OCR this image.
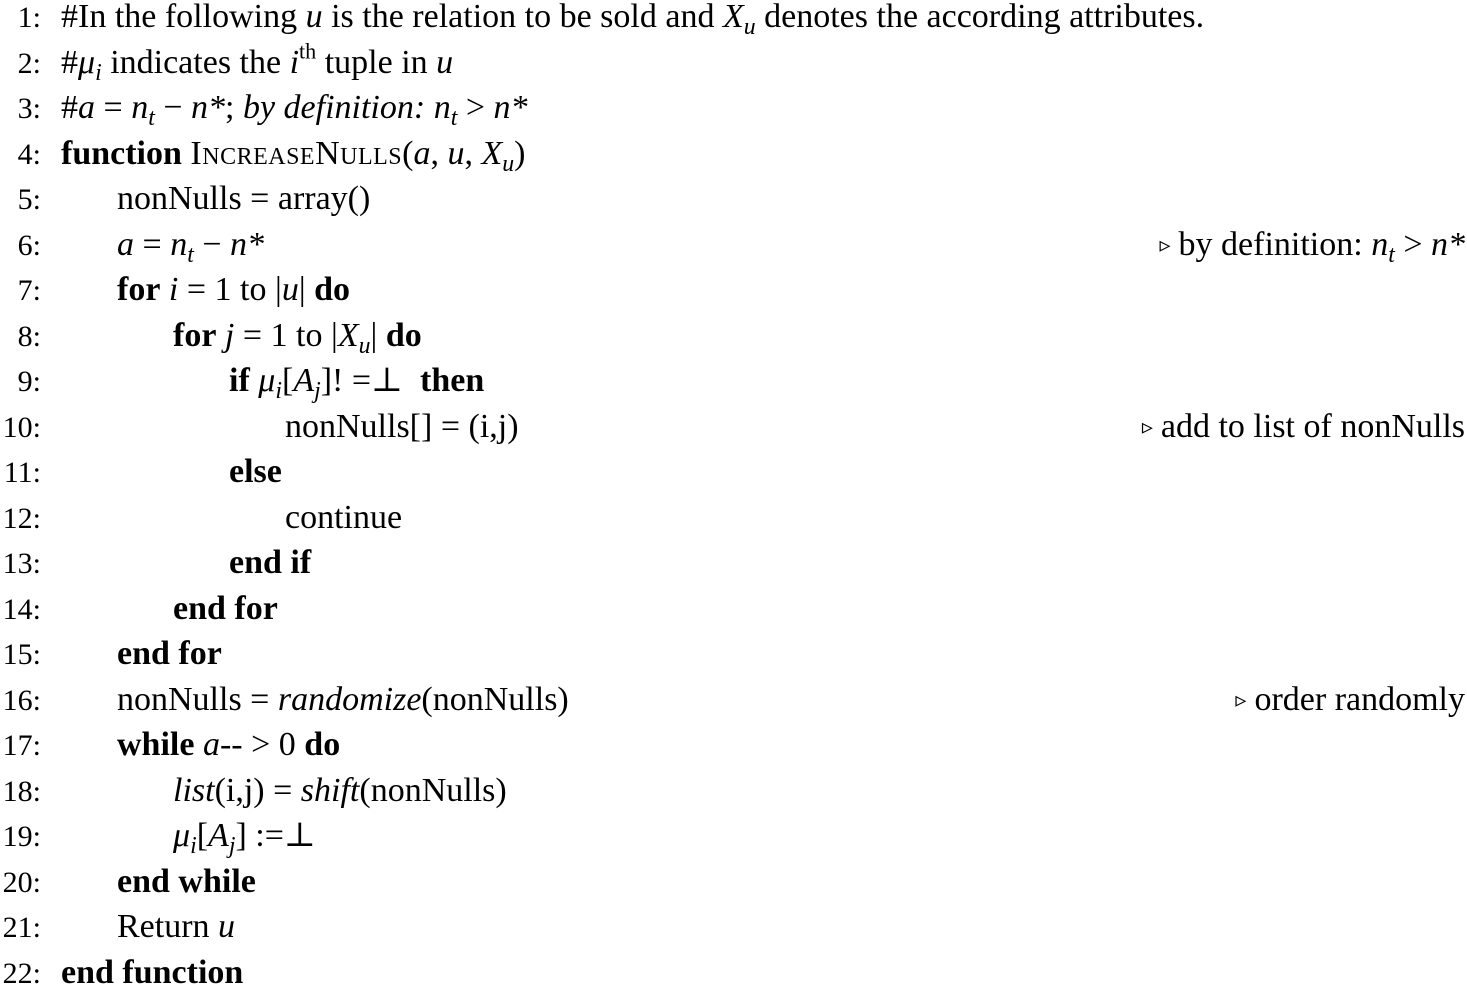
1: #In the following u is the relation to be sold and $X_u$ denotes the according attributes.
2: $\#\mu_i$ indicates the $i^{th}$ tuple in u
3: #a = $n_t - n*$; by definition: $n_t > n*$
4: function IncreaseNulls(a, u, $X_u$)
5: nonNulls = array()
6: $a = n_t - n*$	▹ by definition: $n_t > n*$
7: for i = 1 to |u| do
8:	for j = 1 to $|X_u|$ do
9:	if $\mu_i[A_j]$! =⊥ then
10:	nonNulls[] = (i,j)	▹ add to list of nonNulls
11:	else
12:	continue
13:	end if
14:	end for
15: end for
16: nonNulls = randomize(nonNulls)	▹ order randomly
17: while a-- > 0 do
18:	list(i,j) = shift(nonNulls)
19:	$\mu_i[A_j]$ :=⊥
20: end while
21: Return u
22: end function
